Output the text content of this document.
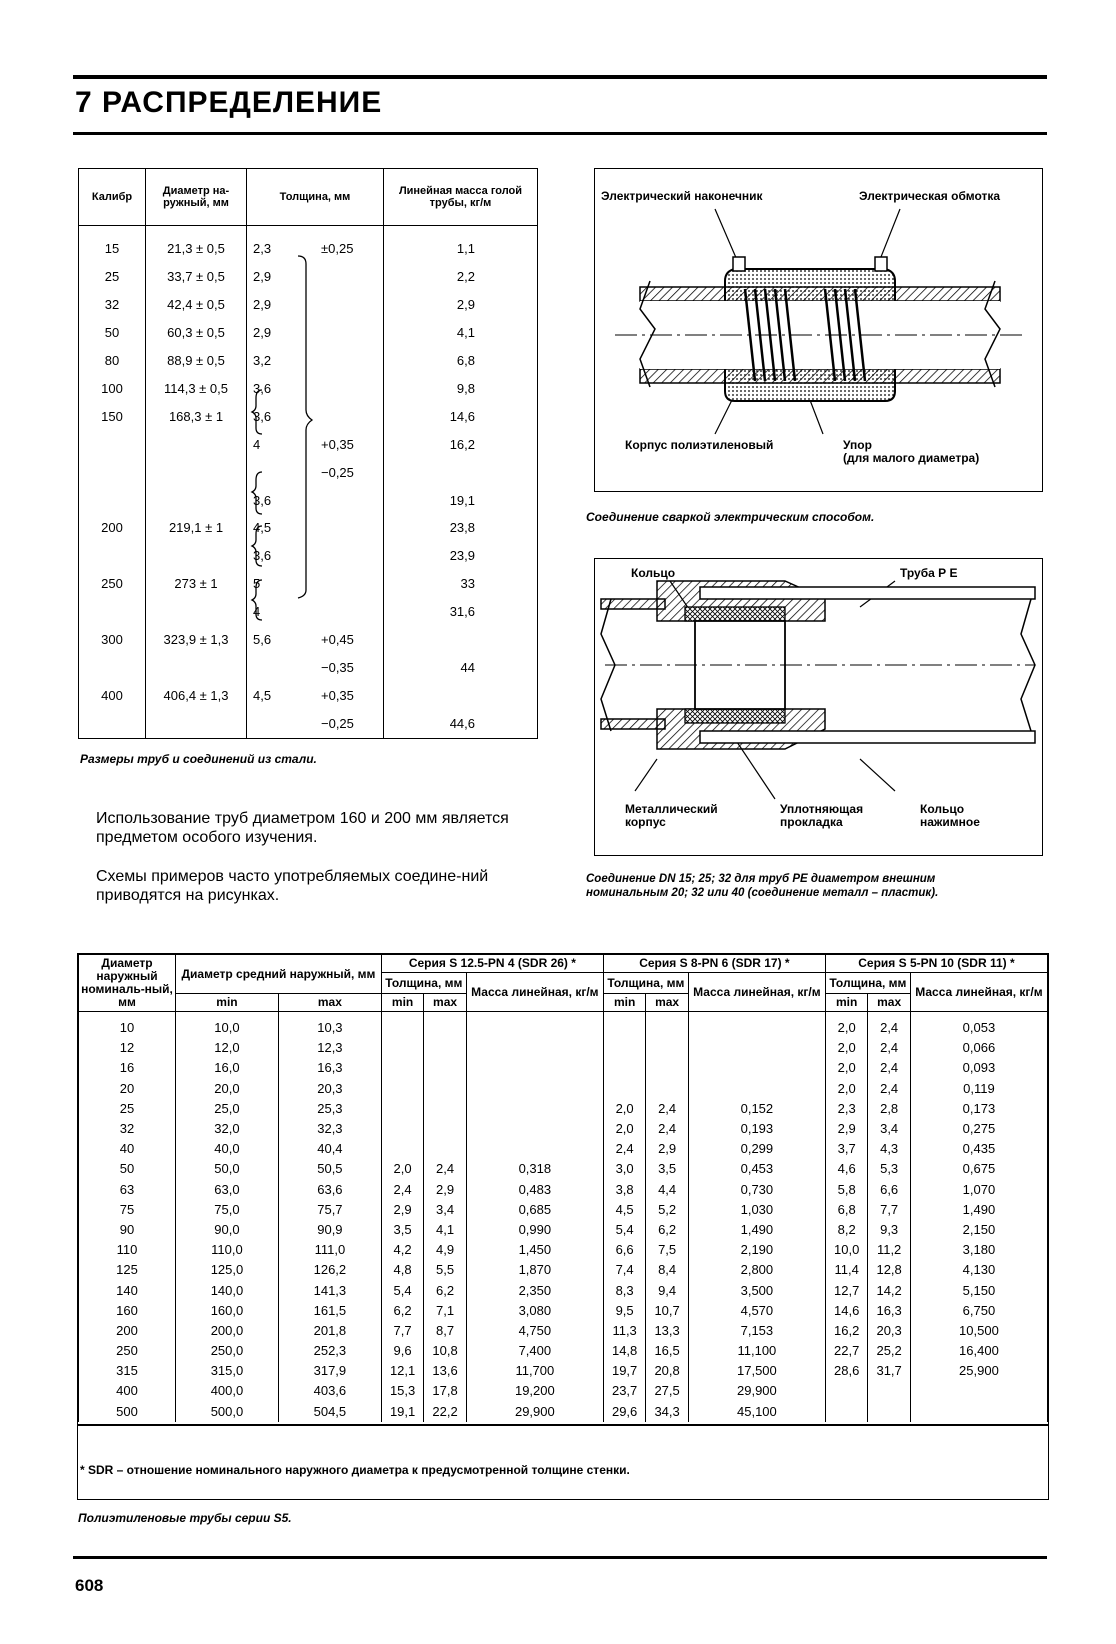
7 РАСПРЕДЕЛЕНИЕ
Калибр	Диаметр на-ружный, мм	Толщина, мм	Линейная масса голой трубы, кг/м
15	21,3 ± 0,5	2,3 ±0,25	1,1
25	33,7 ± 0,5	2,9	2,2
32	42,4 ± 0,5	2,9	2,9
50	60,3 ± 0,5	2,9	4,1
80	88,9 ± 0,5	3,2	6,8
100	114,3 ± 0,5	3,6	9,8
150	168,3 ± 1	3,6	14,6
		4 +0,35	16,2
		−0,25	
		3,6	19,1
200	219,1 ± 1	4,5	23,8
		3,6	23,9
250	273 ± 1	5	33
		4	31,6
300	323,9 ± 1,3	5,6 +0,45	
		−0,35	44
400	406,4 ± 1,3	4,5 +0,35	
		−0,25	44,6
Размеры труб и соединений из стали.
Использование труб диаметром 160 и 200 мм является предметом особого изучения.
Схемы примеров часто употребляемых соедине-ний приводятся на рисунках.
Электрический наконечник	Электрическая обмотка
Корпус полиэтиленовый	Упор
(для малого диаметра)
Соединение сваркой электрическим способом.
Кольцо	Труба Р Е
Металлический
корпус
Уплотняющая
прокладка
Кольцо
нажимное
Соединение DN 15; 25; 32 для труб РЕ диаметром внешним
номинальным 20; 32 или 40 (соединение металл – пластик).
Диаметр наружный номиналь-ный, мм	Диаметр средний наружный, мм		Серия S 12.5-PN 4 (SDR 26) *			Серия S 8-PN 6 (SDR 17) *			Серия S 5-PN 10 (SDR 11) *		
			Толщина, мм		Масса линейная, кг/м	Толщина, мм		Масса линейная, кг/м	Толщина, мм		Масса линейная, кг/м
	min	max	min	max		min	max		min	max	
10	10,0	10,3							2,0	2,4	0,053
12	12,0	12,3							2,0	2,4	0,066
16	16,0	16,3							2,0	2,4	0,093
20	20,0	20,3							2,0	2,4	0,119
25	25,0	25,3				2,0	2,4	0,152	2,3	2,8	0,173
32	32,0	32,3				2,0	2,4	0,193	2,9	3,4	0,275
40	40,0	40,4				2,4	2,9	0,299	3,7	4,3	0,435
50	50,0	50,5	2,0	2,4	0,318	3,0	3,5	0,453	4,6	5,3	0,675
63	63,0	63,6	2,4	2,9	0,483	3,8	4,4	0,730	5,8	6,6	1,070
75	75,0	75,7	2,9	3,4	0,685	4,5	5,2	1,030	6,8	7,7	1,490
90	90,0	90,9	3,5	4,1	0,990	5,4	6,2	1,490	8,2	9,3	2,150
110	110,0	111,0	4,2	4,9	1,450	6,6	7,5	2,190	10,0	11,2	3,180
125	125,0	126,2	4,8	5,5	1,870	7,4	8,4	2,800	11,4	12,8	4,130
140	140,0	141,3	5,4	6,2	2,350	8,3	9,4	3,500	12,7	14,2	5,150
160	160,0	161,5	6,2	7,1	3,080	9,5	10,7	4,570	14,6	16,3	6,750
200	200,0	201,8	7,7	8,7	4,750	11,3	13,3	7,153	16,2	20,3	10,500
250	250,0	252,3	9,6	10,8	7,400	14,8	16,5	11,100	22,7	25,2	16,400
315	315,0	317,9	12,1	13,6	11,700	19,7	20,8	17,500	28,6	31,7	25,900
400	400,0	403,6	15,3	17,8	19,200	23,7	27,5	29,900			
500	500,0	504,5	19,1	22,2	29,900	29,6	34,3	45,100			
* SDR – отношение номинального наружного диаметра к предусмотренной толщине стенки.
Полиэтиленовые трубы серии S5.
608
